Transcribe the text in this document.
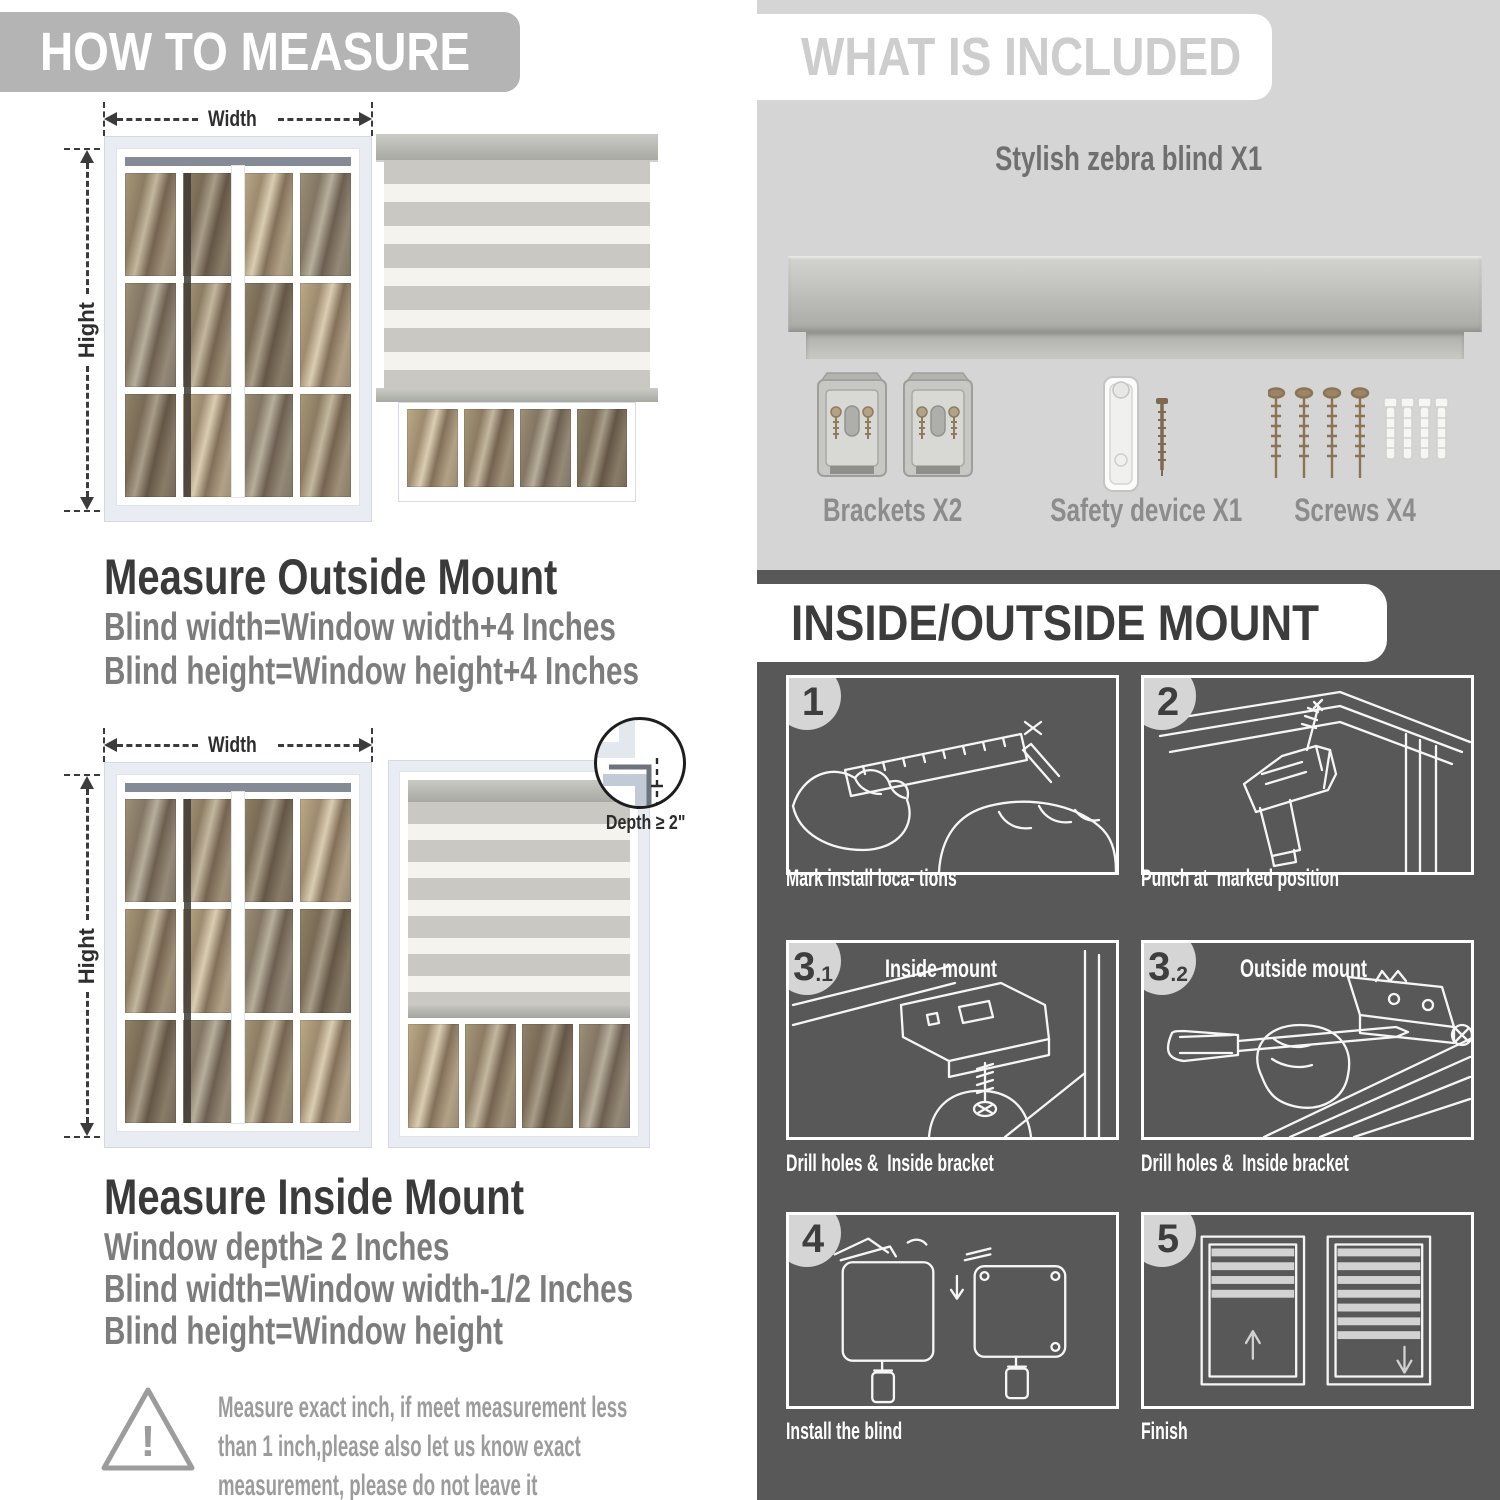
HOW TO MEASURE
Width
Hight
Measure Outside Mount
Blind width=Window width+4 Inches
Blind height=Window height+4 Inches
Width
Hight
Depth ≥ 2"
Measure Inside Mount
Window depth≥ 2 Inches
Blind width=Window width-1/2 Inches
Blind height=Window height
!
Measure exact inch, if meet measurement less
than 1 inch,please also let us know exact
measurement, please do not leave it
WHAT IS INCLUDED
Stylish zebra blind X1
Brackets X2	Safety device X1	Screws X4
INSIDE/OUTSIDE MOUNT
1
Mark install loca- tions
2
Punch at  marked position
3 .1 Inside mount
Drill holes &  Inside bracket
3 .2 Outside mount
Drill holes &  Inside bracket
4
Install the blind
5
Finish
